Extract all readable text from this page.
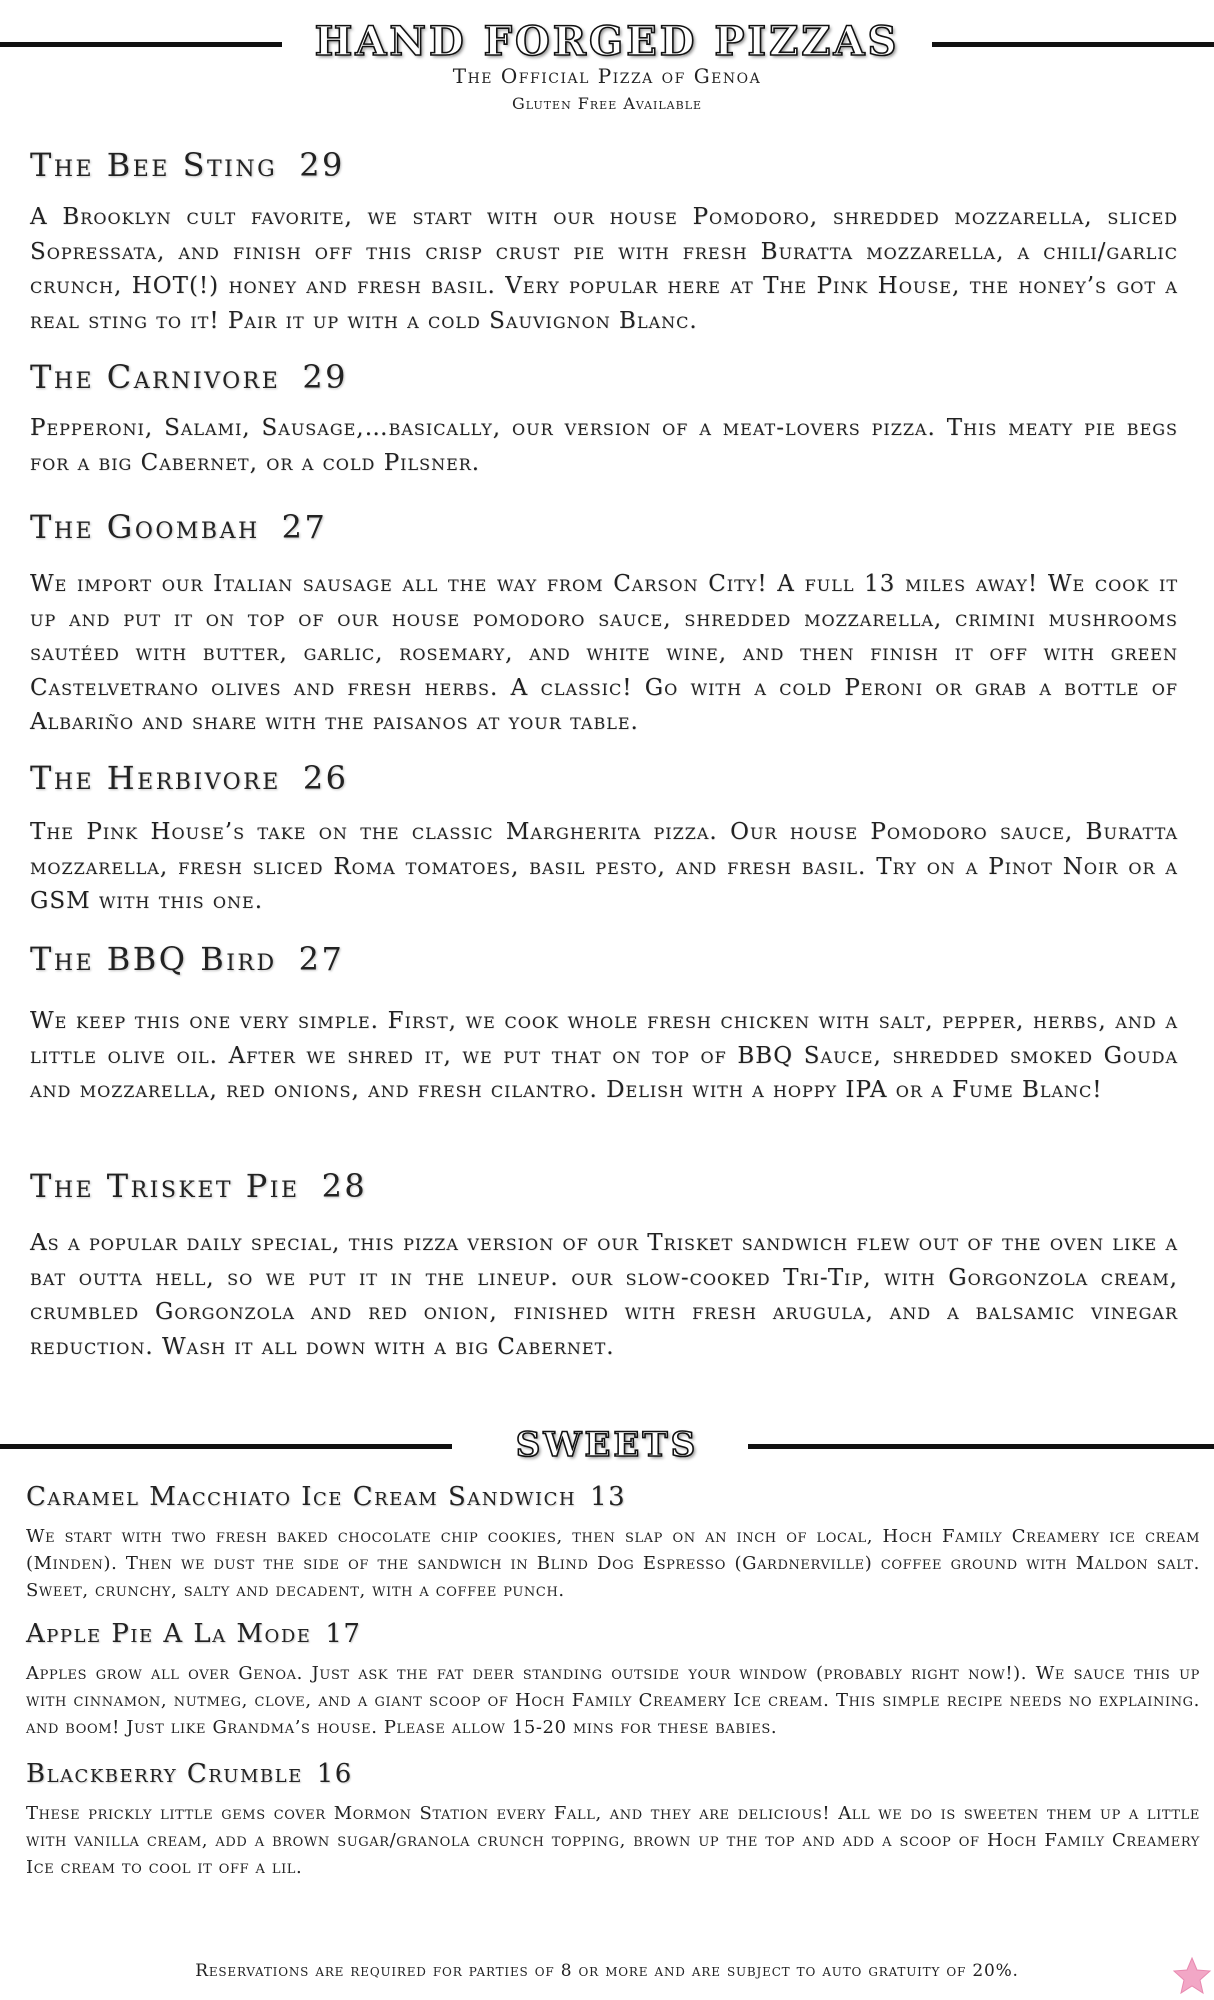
HAND FORGED PIZZAS
The Official Pizza of Genoa
Gluten Free Available
The Bee Sting 29
A Brooklyn cult favorite, we start with our house Pomodoro, shredded mozzarella, sliced Sopressata, and finish off this crisp crust pie with fresh Buratta mozzarella, a chili/garlic crunch, HOT(!) honey and fresh basil. Very popular here at The Pink House, the honey’s got a real sting to it! Pair it up with a cold Sauvignon Blanc.
The Carnivore 29
Pepperoni, Salami, Sausage,…basically, our version of a meat-lovers pizza. This meaty pie begs for a big Cabernet, or a cold Pilsner.
The Goombah 27
We import our Italian sausage all the way from Carson City! A full 13 miles away! We cook it up and put it on top of our house pomodoro sauce, shredded mozzarella, crimini mushrooms sautéed with butter, garlic, rosemary, and white wine, and then finish it off with green Castelvetrano olives and fresh herbs. A classic! Go with a cold Peroni or grab a bottle of Albariño and share with the paisanos at your table.
The Herbivore 26
The Pink House’s take on the classic Margherita pizza. Our house Pomodoro sauce, Buratta mozzarella, fresh sliced Roma tomatoes, basil pesto, and fresh basil. Try on a Pinot Noir or a GSM with this one.
The BBQ Bird 27
We keep this one very simple. First, we cook whole fresh chicken with salt, pepper, herbs, and a little olive oil. After we shred it, we put that on top of BBQ Sauce, shredded smoked Gouda and mozzarella, red onions, and fresh cilantro. Delish with a hoppy IPA or a Fume Blanc!
The Trisket Pie 28
As a popular daily special, this pizza version of our Trisket sandwich flew out of the oven like a bat outta hell, so we put it in the lineup. our slow-cooked Tri-Tip, with Gorgonzola cream, crumbled Gorgonzola and red onion, finished with fresh arugula, and a balsamic vinegar reduction. Wash it all down with a big Cabernet.
SWEETS
Caramel Macchiato Ice Cream Sandwich 13
We start with two fresh baked chocolate chip cookies, then slap on an inch of local, Hoch Family Creamery ice cream (Minden). Then we dust the side of the sandwich in Blind Dog Espresso (Gardnerville) coffee ground with Maldon salt. Sweet, crunchy, salty and decadent, with a coffee punch.
Apple Pie A La Mode 17
Apples grow all over Genoa. Just ask the fat deer standing outside your window (probably right now!). We sauce this up with cinnamon, nutmeg, clove, and a giant scoop of Hoch Family Creamery Ice cream. This simple recipe needs no explaining. and boom! Just like Grandma’s house. Please allow 15-20 mins for these babies.
Blackberry Crumble 16
These prickly little gems cover Mormon Station every Fall, and they are delicious! All we do is sweeten them up a little with vanilla cream, add a brown sugar/granola crunch topping, brown up the top and add a scoop of Hoch Family Creamery Ice cream to cool it off a lil.
Reservations are required for parties of 8 or more and are subject to auto gratuity of 20%.
